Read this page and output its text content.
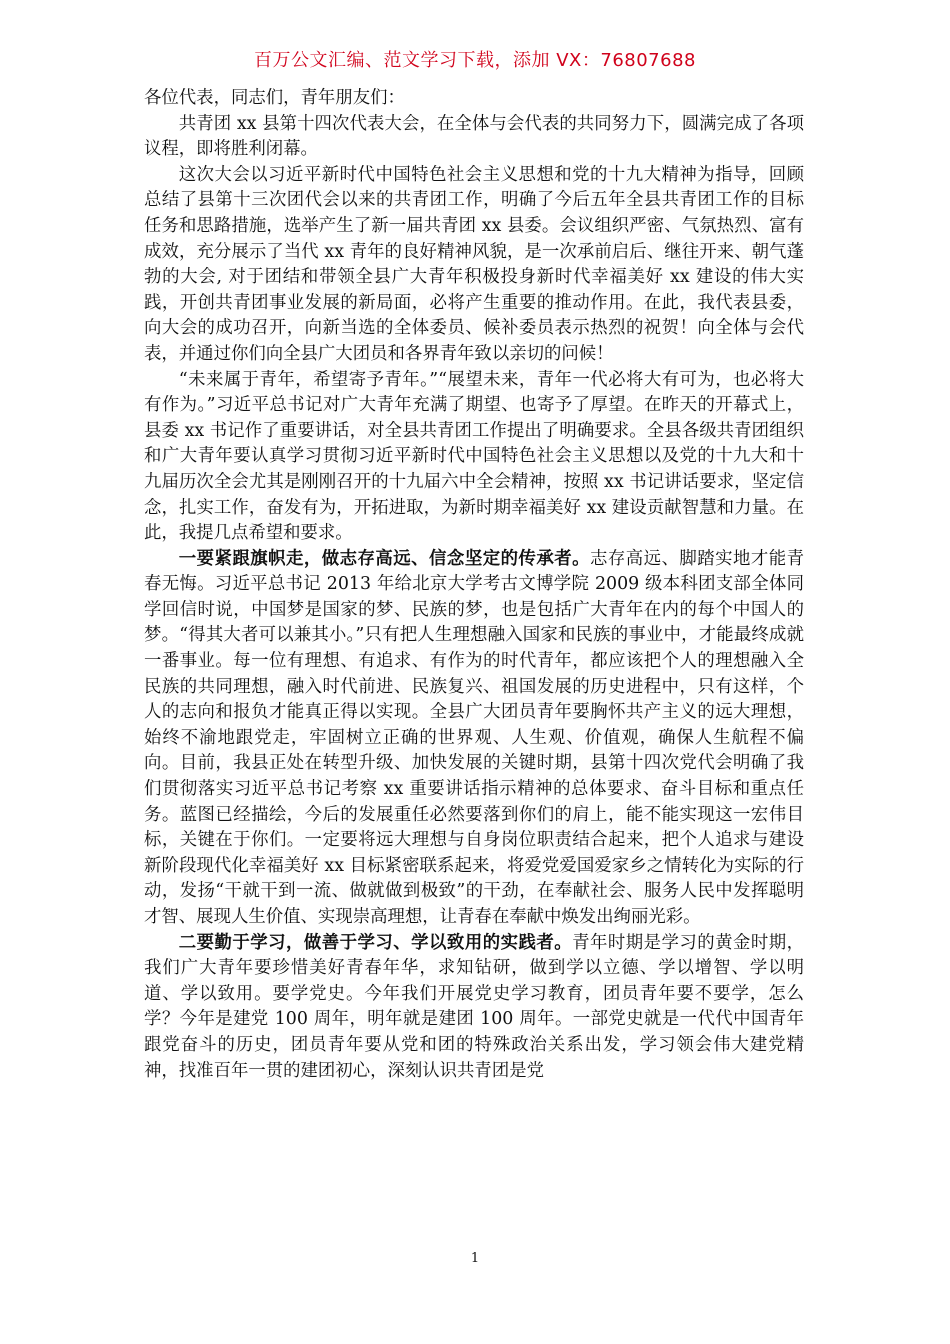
百万公文汇编、范文学习下载，添加 VX：76807688

各位代表，同志们，青年朋友们：

共青团 xx 县第十四次代表大会，在全体与会代表的共同努力下，圆满完成了各项议程，即将胜利闭幕。

这次大会以习近平新时代中国特色社会主义思想和党的十九大精神为指导，回顾总结了县第十三次团代会以来的共青团工作，明确了今后五年全县共青团工作的目标任务和思路措施，选举产生了新一届共青团 xx 县委。会议组织严密、气氛热烈、富有成效，充分展示了当代 xx 青年的良好精神风貌，是一次承前启后、继往开来、朝气蓬勃的大会, 对于团结和带领全县广大青年积极投身新时代幸福美好 xx 建设的伟大实践，开创共青团事业发展的新局面，必将产生重要的推动作用。在此，我代表县委，向大会的成功召开，向新当选的全体委员、候补委员表示热烈的祝贺！向全体与会代表，并通过你们向全县广大团员和各界青年致以亲切的问候！

“未来属于青年，希望寄予青年。”“展望未来，青年一代必将大有可为，也必将大有作为。”习近平总书记对广大青年充满了期望、也寄予了厚望。在昨天的开幕式上，县委 xx 书记作了重要讲话，对全县共青团工作提出了明确要求。全县各级共青团组织和广大青年要认真学习贯彻习近平新时代中国特色社会主义思想以及党的十九大和十九届历次全会尤其是刚刚召开的十九届六中全会精神，按照 xx 书记讲话要求，坚定信念，扎实工作，奋发有为，开拓进取，为新时期幸福美好 xx 建设贡献智慧和力量。在此，我提几点希望和要求。

一要紧跟旗帜走，做志存高远、信念坚定的传承者。志存高远、脚踏实地才能青春无悔。习近平总书记 2013 年给北京大学考古文博学院 2009 级本科团支部全体同学回信时说，中国梦是国家的梦、民族的梦，也是包括广大青年在内的每个中国人的梦。“得其大者可以兼其小。”只有把人生理想融入国家和民族的事业中，才能最终成就一番事业。每一位有理想、有追求、有作为的时代青年，都应该把个人的理想融入全民族的共同理想，融入时代前进、民族复兴、祖国发展的历史进程中，只有这样，个人的志向和报负才能真正得以实现。全县广大团员青年要胸怀共产主义的远大理想，始终不渝地跟党走，牢固树立正确的世界观、人生观、价值观，确保人生航程不偏向。目前，我县正处在转型升级、加快发展的关键时期，县第十四次党代会明确了我们贯彻落实习近平总书记考察 xx 重要讲话指示精神的总体要求、奋斗目标和重点任务。蓝图已经描绘，今后的发展重任必然要落到你们的肩上，能不能实现这一宏伟目标，关键在于你们。一定要将远大理想与自身岗位职责结合起来，把个人追求与建设新阶段现代化幸福美好 xx 目标紧密联系起来，将爱党爱国爱家乡之情转化为实际的行动，发扬“干就干到一流、做就做到极致”的干劲，在奉献社会、服务人民中发挥聪明才智、展现人生价值、实现崇高理想，让青春在奉献中焕发出绚丽光彩。

二要勤于学习，做善于学习、学以致用的实践者。青年时期是学习的黄金时期，我们广大青年要珍惜美好青春年华，求知钻研，做到学以立德、学以增智、学以明道、学以致用。要学党史。今年我们开展党史学习教育，团员青年要不要学，怎么学？今年是建党 100 周年，明年就是建团 100 周年。一部党史就是一代代中国青年跟党奋斗的历史，团员青年要从党和团的特殊政治关系出发，学习领会伟大建党精神，找准百年一贯的建团初心，深刻认识共青团是党

1
